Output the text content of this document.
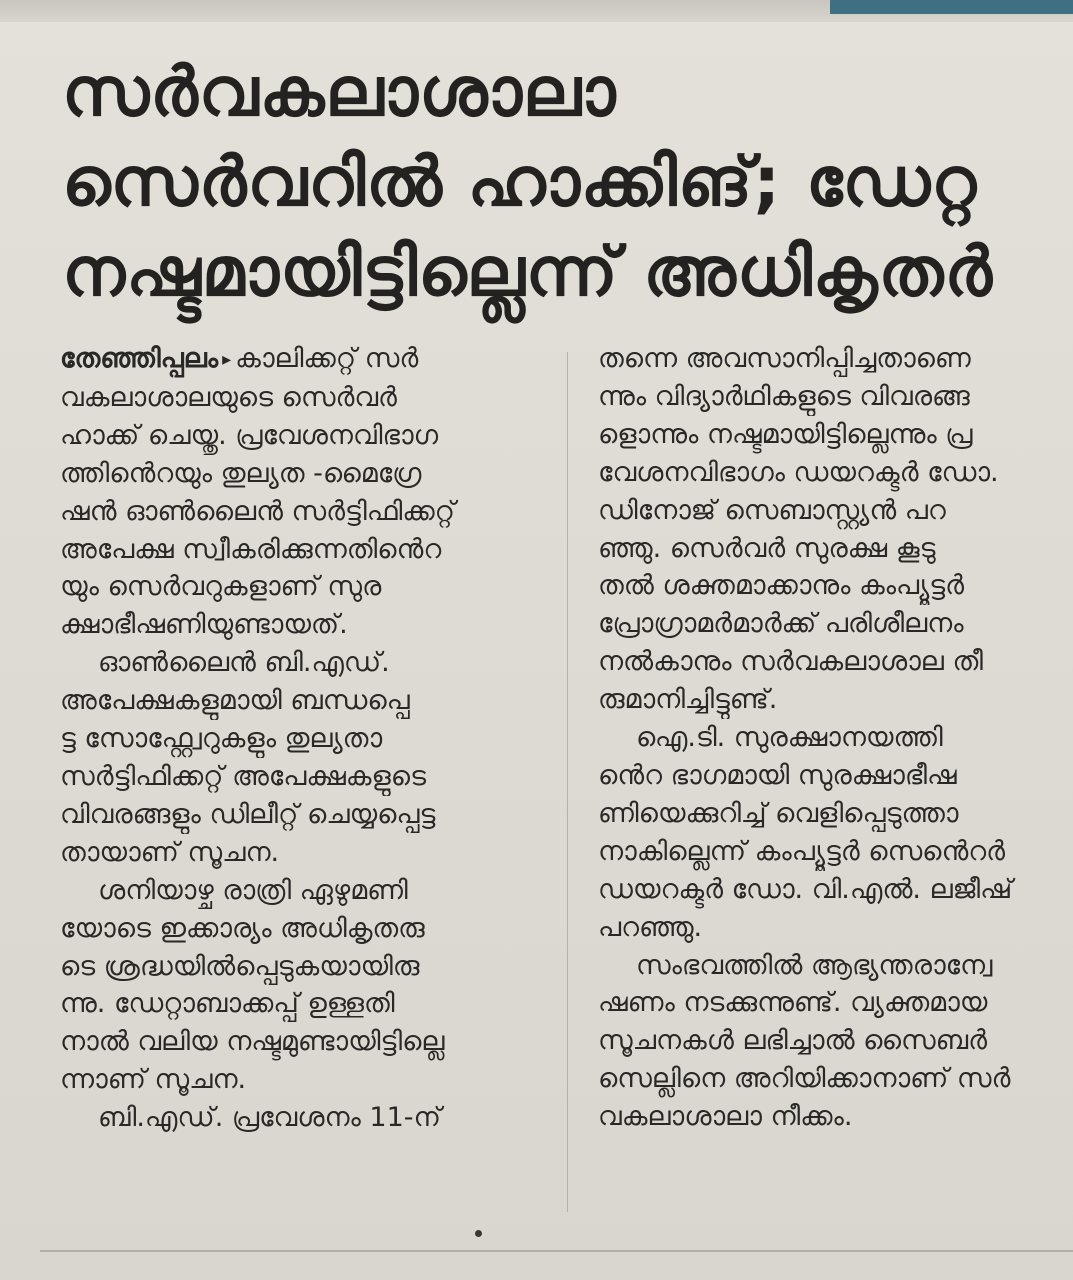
സർവകലാശാലാ
സെർവറിൽ ഹാക്കിങ്; ഡേറ്റ
നഷ്ടമായിട്ടില്ലെന്ന് അധികൃതർ
തേഞ്ഞിപ്പലം ▸ കാലിക്കറ്റ് സർ
വകലാശാലയുടെ സെർവർ
ഹാക്ക് ചെയ്തു. പ്രവേശനവിഭാഗ
ത്തിൻെറയും തുല്യത -മൈഗ്രേ
ഷൻ ഓൺലൈൻ സർട്ടിഫിക്കറ്റ്
അപേക്ഷ സ്വീകരിക്കുന്നതിൻെറ
യും സെർവറുകളാണ് സുര
ക്ഷാഭീഷണിയുണ്ടായത്.
ഓൺലൈൻ ബി.എഡ്.
അപേക്ഷകളുമായി ബന്ധപ്പെ
ട്ട സോഫ്റ്റ്വേറുകളും തുല്യതാ
സർട്ടിഫിക്കറ്റ് അപേക്ഷകളുടെ
വിവരങ്ങളും ഡിലീറ്റ് ചെയ്യപ്പെട്ട
തായാണ് സൂചന.
ശനിയാഴ്ച രാത്രി ഏഴുമണി
യോടെ ഇക്കാര്യം അധികൃതരു
ടെ ശ്രദ്ധയിൽപ്പെടുകയായിരു
ന്നു. ഡേറ്റാബാക്കപ്പ് ഉള്ളതി
നാൽ വലിയ നഷ്ടമുണ്ടായിട്ടില്ലെ
ന്നാണ് സൂചന.
ബി.എഡ്. പ്രവേശനം 11-ന്
തന്നെ അവസാനിപ്പിച്ചതാണെ
ന്നും വിദ്യാർഥികളുടെ വിവരങ്ങ
ളൊന്നും നഷ്ടമായിട്ടില്ലെന്നും പ്ര
വേശനവിഭാഗം ഡയറക്ടർ ഡോ.
ഡിനോജ് സെബാസ്റ്റ്യൻ പറ
ഞ്ഞു. സെർവർ സുരക്ഷ കൂടു
തൽ ശക്തമാക്കാനും കംപ്യൂട്ടർ
പ്രോഗ്രാമർമാർക്ക് പരിശീലനം
നൽകാനും സർവകലാശാല തീ
രുമാനിച്ചിട്ടുണ്ട്.
ഐ.ടി. സുരക്ഷാനയത്തി
ൻെറ ഭാഗമായി സുരക്ഷാഭീഷ
ണിയെക്കുറിച്ച് വെളിപ്പെടുത്താ
നാകില്ലെന്ന് കംപ്യൂട്ടർ സെൻെറർ
ഡയറക്ടർ ഡോ. വി.എൽ. ലജീഷ്
പറഞ്ഞു.
സംഭവത്തിൽ ആഭ്യന്തരാന്വേ
ഷണം നടക്കുന്നുണ്ട്. വ്യക്തമായ
സൂചനകൾ ലഭിച്ചാൽ സൈബർ
സെല്ലിനെ അറിയിക്കാനാണ് സർ
വകലാശാലാ നീക്കം.
